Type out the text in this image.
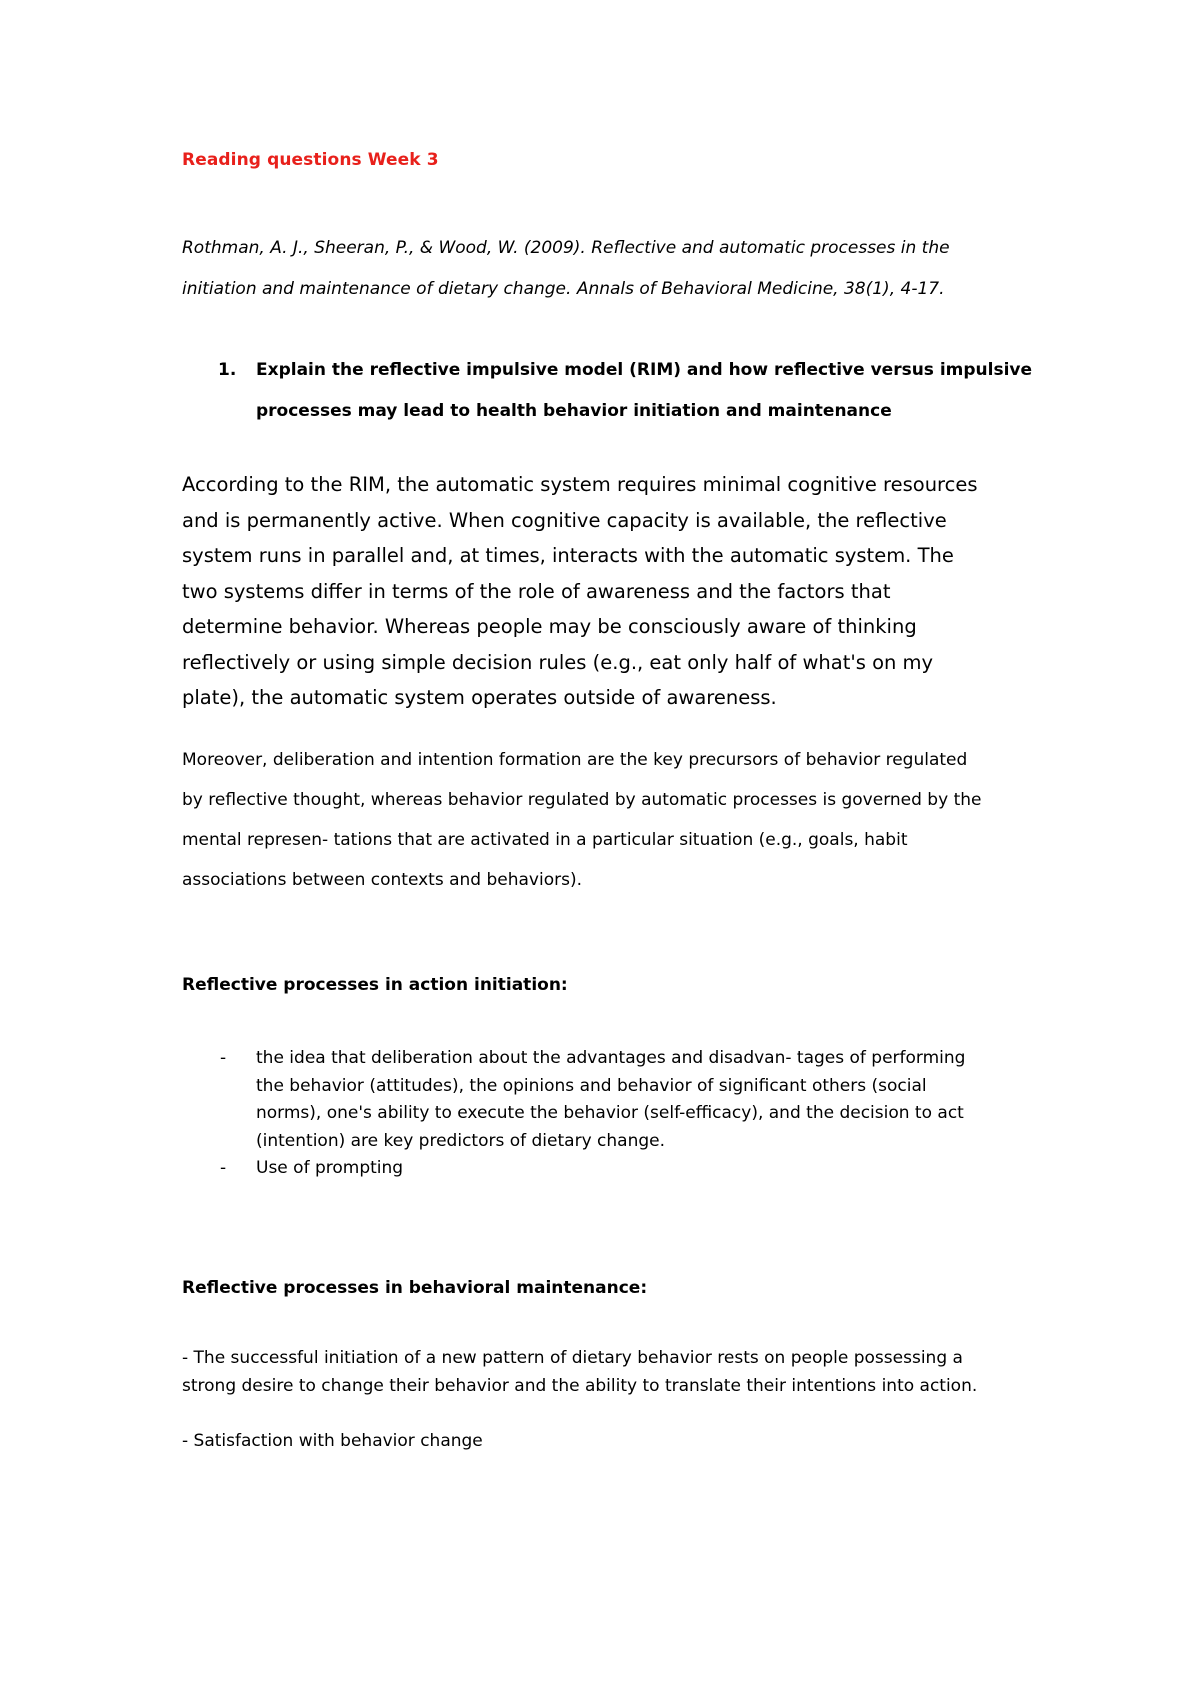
Reading questions Week 3
Rothman, A. J., Sheeran, P., & Wood, W. (2009). Reflective and automatic processes in the
initiation and maintenance of dietary change. Annals of Behavioral Medicine, 38(1), 4-17.
1. Explain the reflective impulsive model (RIM) and how reflective versus impulsive
processes may lead to health behavior initiation and maintenance
According to the RIM, the automatic system requires minimal cognitive resources
and is permanently active. When cognitive capacity is available, the reflective
system runs in parallel and, at times, interacts with the automatic system. The
two systems differ in terms of the role of awareness and the factors that
determine behavior. Whereas people may be consciously aware of thinking
reflectively or using simple decision rules (e.g., eat only half of what's on my
plate), the automatic system operates outside of awareness.
Moreover, deliberation and intention formation are the key precursors of behavior regulated
by reflective thought, whereas behavior regulated by automatic processes is governed by the
mental represen- tations that are activated in a particular situation (e.g., goals, habit
associations between contexts and behaviors).
Reflective processes in action initiation:
- the idea that deliberation about the advantages and disadvan- tages of performing
the behavior (attitudes), the opinions and behavior of significant others (social
norms), one's ability to execute the behavior (self-efficacy), and the decision to act
(intention) are key predictors of dietary change.
- Use of prompting
Reflective processes in behavioral maintenance:
- The successful initiation of a new pattern of dietary behavior rests on people possessing a
strong desire to change their behavior and the ability to translate their intentions into action.
- Satisfaction with behavior change
